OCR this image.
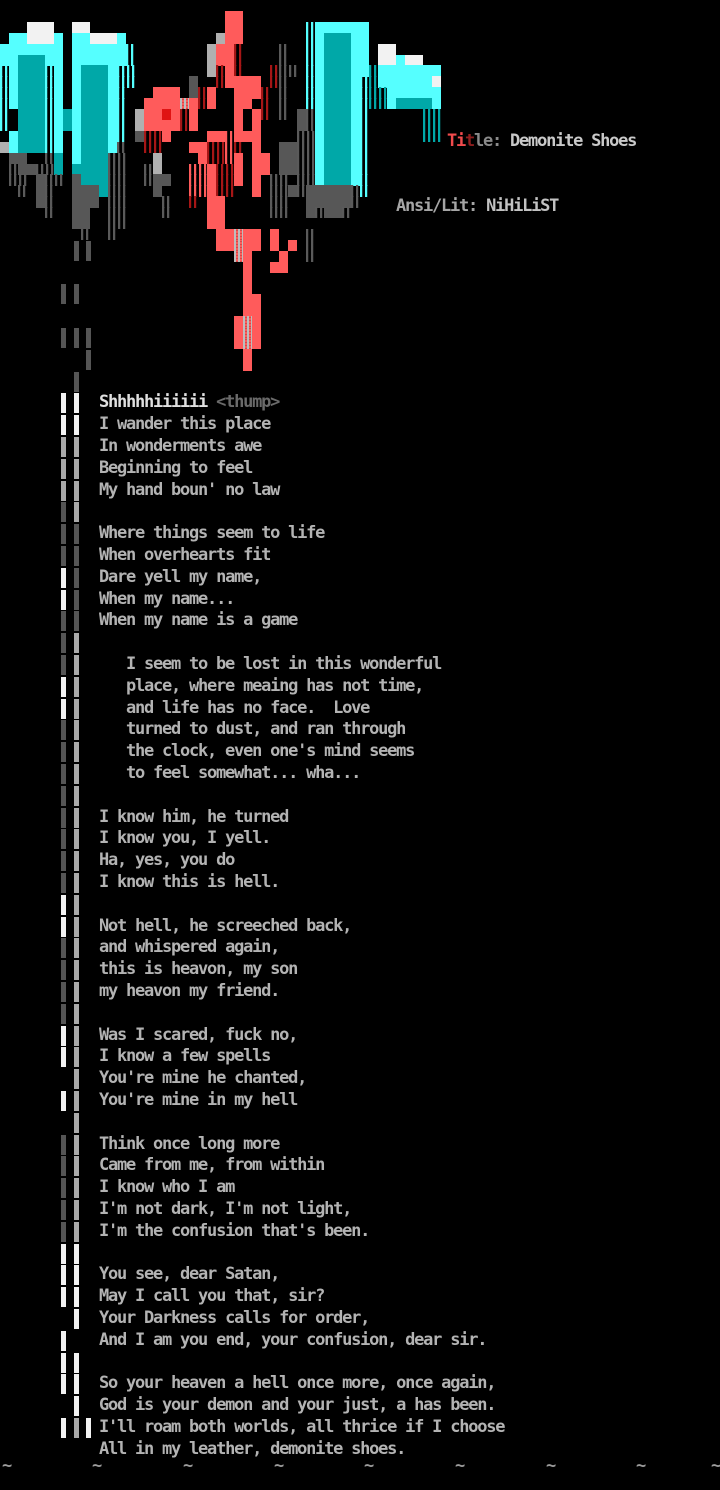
Title: Demonite Shoes
Ansi/Lit: NiHiLiST
Shhhhhiiiiii <thump>
I wander this place
In wonderments awe
Beginning to feel
My hand boun' no law
Where things seem to life
When overhearts fit
Dare yell my name,
When my name...
When my name is a game
I seem to be lost in this wonderful
place, where meaing has not time,
and life has no face.  Love
turned to dust, and ran through
the clock, even one's mind seems
to feel somewhat... wha...
I know him, he turned
I know you, I yell.
Ha, yes, you do
I know this is hell.
Not hell, he screeched back,
and whispered again,
this is heavon, my son
my heavon my friend.
Was I scared, fuck no,
I know a few spells
You're mine he chanted,
You're mine in my hell
Think once long more
Came from me, from within
I know who I am
I'm not dark, I'm not light,
I'm the confusion that's been.
You see, dear Satan,
May I call you that, sir?
Your Darkness calls for order,
And I am you end, your confusion, dear sir.
So your heaven a hell once more, once again,
God is your demon and your just, a has been.
I'll roam both worlds, all thrice if I choose
All in my leather, demonite shoes.
~	~	~	~	~	~	~	~	~
